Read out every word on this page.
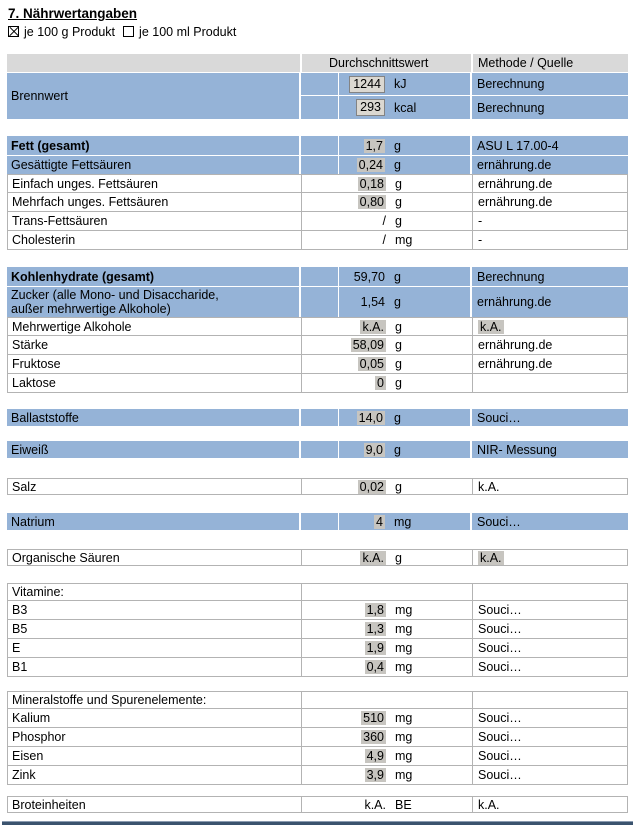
7. Nährwertangaben
je 100 g Produkt je 100 ml Produkt
Durchschnittswert	Methode / Quelle
Brennwert
1244	kJ	Berechnung
293	kcal	Berechnung
Fett (gesamt)	1,7 g	ASU L 17.00-4
Gesättigte Fettsäuren	0,24 g	ernährung.de
Einfach unges. Fettsäuren	0,18 g	ernährung.de
Mehrfach unges. Fettsäuren	0,80 g	ernährung.de
Trans-Fettsäuren	/ g	-
Cholesterin	/ mg	-
Kohlenhydrate (gesamt)	59,70 g	Berechnung
Zucker (alle Mono- und Disaccharide,
außer mehrwertige Alkohole)	1,54 g	ernährung.de
Mehrwertige Alkohole	k.A. g	k.A.
Stärke	58,09 g	ernährung.de
Fruktose	0,05 g	ernährung.de
Laktose	0 g
Ballaststoffe	14,0 g	Souci…
Eiweiß	9,0 g	NIR- Messung
Salz	0,02 g	k.A.
Natrium	4 mg	Souci…
Organische Säuren	k.A. g	k.A.
Vitamine:
B3	1,8 mg	Souci…
B5	1,3 mg	Souci…
E	1,9 mg	Souci…
B1	0,4 mg	Souci…
Mineralstoffe und Spurenelemente:
Kalium	510 mg	Souci…
Phosphor	360 mg	Souci…
Eisen	4,9 mg	Souci…
Zink	3,9 mg	Souci…
Broteinheiten	k.A. BE	k.A.
